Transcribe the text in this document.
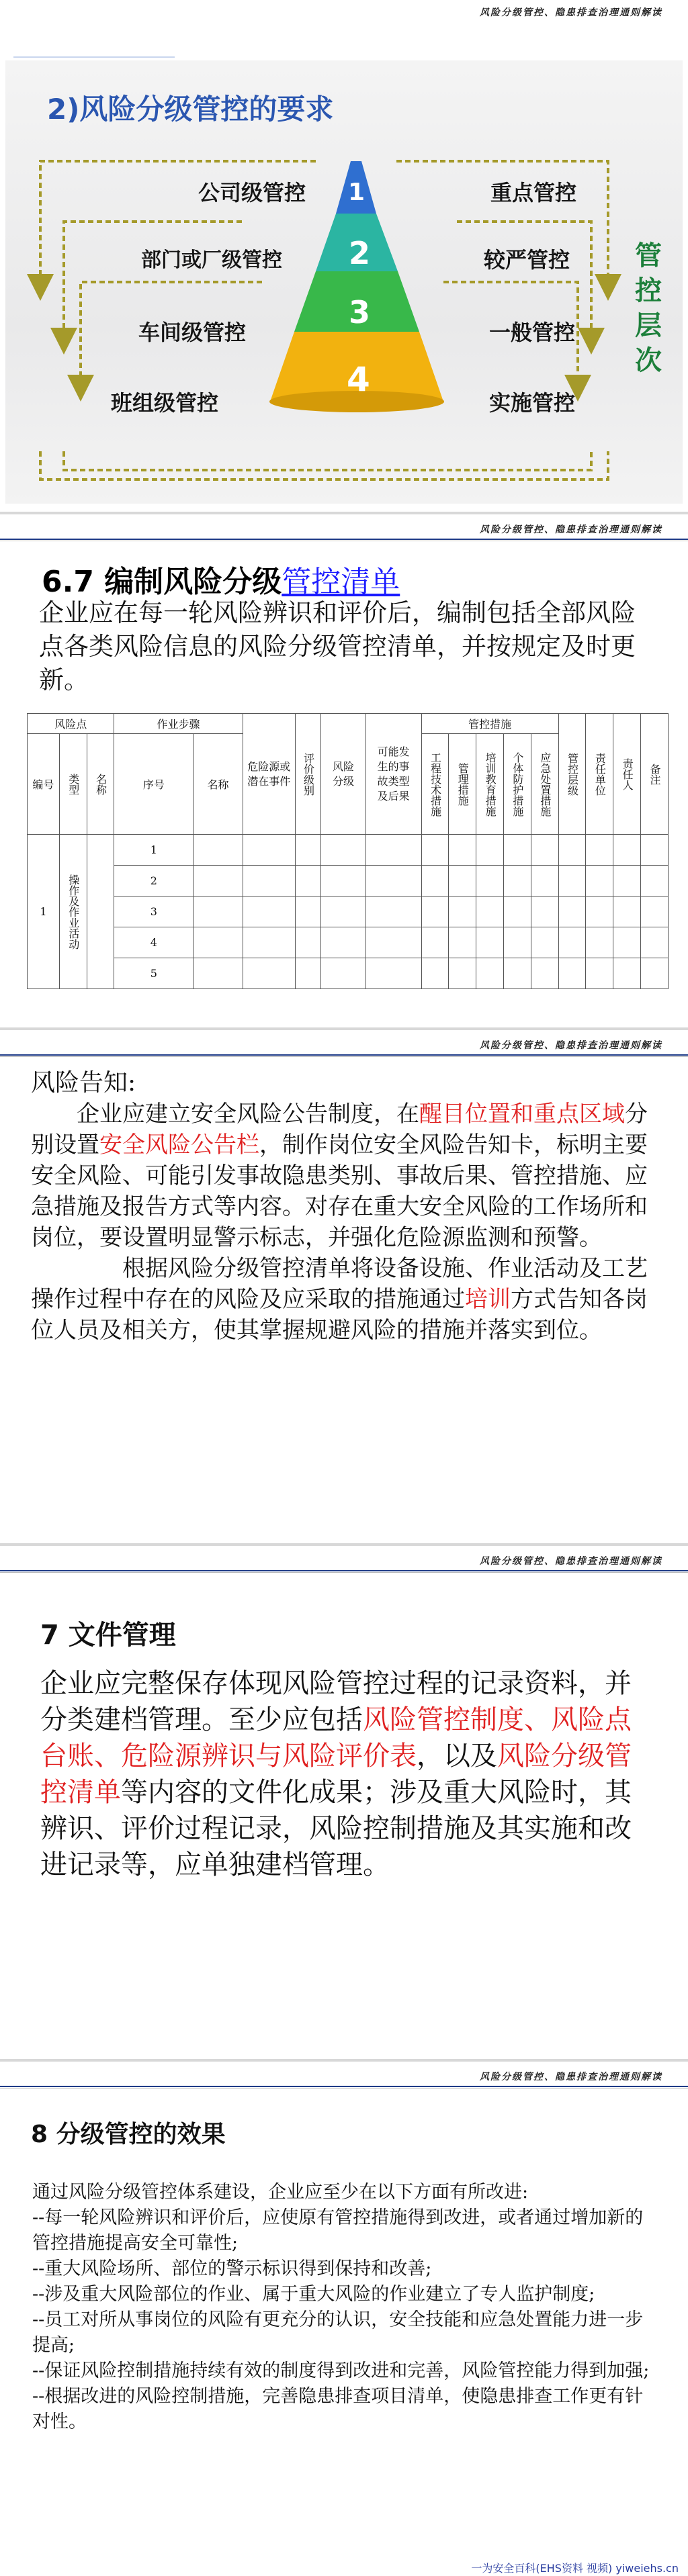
风险分级管控、隐患排查治理通则解读
2)风险分级管控的要求
公司级管控
部门或厂级管控
车间级管控
班组级管控
重点管控
较严管控
一般管控
实施管控
1
2
3
4
管控层次
风险分级管控、隐患排查治理通则解读
6.7 编制风险分级管控清单
企业应在每一轮风险辨识和评价后，编制包括全部风险点各类风险信息的风险分级管控清单，并按规定及时更新。
风险点			作业步骤		危险源或潜在事件	评价级别	风险分级	可能发生的事故类型及后果	管控措施					管控层级	责任单位	责任人	备注

编号	类型	名称	序号	名称					工程技术措施	管理措施	培训教育措施	个体防护措施	应急处置措施				

1	操作及作业活动		1														
			2														
			3														
			4														
			5														
风险分级管控、隐患排查治理通则解读
风险告知:
企业应建立安全风险公告制度，在醒目位置和重点区域分别设置安全风险公告栏，制作岗位安全风险告知卡，标明主要安全风险、可能引发事故隐患类别、事故后果、管控措施、应急措施及报告方式等内容。对存在重大安全风险的工作场所和岗位，要设置明显警示标志，并强化危险源监测和预警。
根据风险分级管控清单将设备设施、作业活动及工艺操作过程中存在的风险及应采取的措施通过培训方式告知各岗位人员及相关方，使其掌握规避风险的措施并落实到位。
风险分级管控、隐患排查治理通则解读
7 文件管理
企业应完整保存体现风险管控过程的记录资料，并分类建档管理。至少应包括风险管控制度、风险点台账、危险源辨识与风险评价表，以及风险分级管控清单等内容的文件化成果；涉及重大风险时，其辨识、评价过程记录，风险控制措施及其实施和改进记录等，应单独建档管理。
风险分级管控、隐患排查治理通则解读
8 分级管控的效果
通过风险分级管控体系建设，企业应至少在以下方面有所改进:
--每一轮风险辨识和评价后，应使原有管控措施得到改进，或者通过增加新的管控措施提高安全可靠性;
--重大风险场所、部位的警示标识得到保持和改善;
--涉及重大风险部位的作业、属于重大风险的作业建立了专人监护制度;
--员工对所从事岗位的风险有更充分的认识，安全技能和应急处置能力进一步提高;
--保证风险控制措施持续有效的制度得到改进和完善，风险管控能力得到加强;
--根据改进的风险控制措施，完善隐患排查项目清单，使隐患排查工作更有针对性。
一为安全百科(EHS资料 视频) yiweiehs.cn
